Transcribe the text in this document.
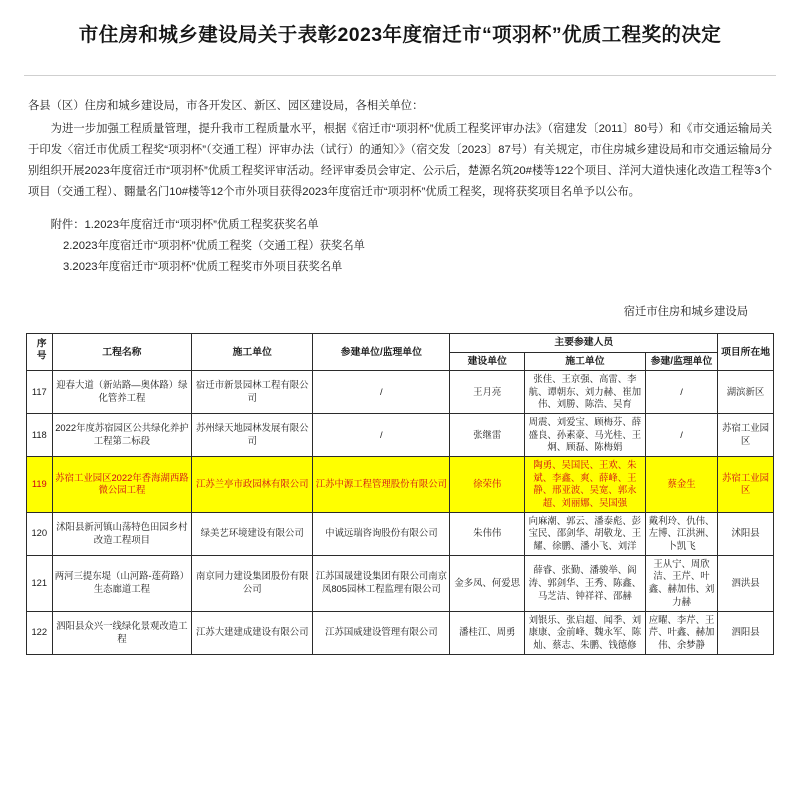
市住房和城乡建设局关于表彰2023年度宿迁市“项羽杯”优质工程奖的决定

各县（区）住房和城乡建设局，市各开发区、新区、园区建设局，各相关单位：

为进一步加强工程质量管理，提升我市工程质量水平，根据《宿迁市“项羽杯”优质工程奖评审办法》（宿建发〔2011〕80号）和《市交通运输局关于印发〈宿迁市优质工程奖“项羽杯”（交通工程）评审办法（试行）的通知〉》（宿交发〔2023〕87号）有关规定，市住房城乡建设局和市交通运输局分别组织开展2023年度宿迁市“项羽杯”优质工程奖评审活动。经评审委员会审定、公示后，楚源名筑20#楼等122个项目、洋河大道快速化改造工程等3个项目（交通工程）、翾量名门10#楼等12个市外项目获得2023年度宿迁市“项羽杯”优质工程奖，现将获奖项目名单予以公布。

附件：1.2023年度宿迁市“项羽杯”优质工程奖获奖名单

2.2023年度宿迁市“项羽杯”优质工程奖（交通工程）获奖名单

3.2023年度宿迁市“项羽杯”优质工程奖市外项目获奖名单

宿迁市住房和城乡建设局
序号	工程名称	施工单位	参建单位/监理单位	主要参建人员			项目所在地
				建设单位	施工单位	参建/监理单位	
117	迎春大道（新站路—奥体路）绿化管养工程	宿迁市新景园林工程有限公司	/	王月亮	张佳、王京强、高雷、李航、谭朝东、刘力赫、崔加伟、刘勝、陈浩、吴育	/	湖滨新区
118	2022年度苏宿园区公共绿化养护工程第二标段	苏州绿天地园林发展有限公司	/	张继雷	周震、刘爱宝、顾梅芬、薛盛良、孙素豪、马光桂、王炯、顾磊、陈梅娟	/	苏宿工业园区
119	苏宿工业园区2022年香海湖西路微公园工程	江苏兰亭市政园林有限公司	江苏中源工程管理股份有限公司	徐荣伟	陶勇、吴国民、王欢、朱斌、李鑫、爽、薛峰、王静、邢亚波、吴宽、郭永超、刘丽娜、吴国强	蔡金生	苏宿工业园区
120	沭阳县新河镇山荡特色田园乡村改造工程项目	绿美艺环境建设有限公司	中诚远瑞咨询股份有限公司	朱伟伟	向麻潮、郭云、潘泰彪、彭宝民、邵剑华、胡敬龙、王耀、徐鹏、潘小飞、刘洋	戴利玲、仇伟、左博、江洪洲、卜凯飞	沭阳县
121	两河三提东堤（山河路-莲荷路）生态廊道工程	南京同力建设集团股份有限公司	江苏国晟建设集团有限公司南京凤805园林工程监理有限公司	金多凤、何爱思	薛睿、张勤、潘骏举、阎涛、郭剑华、王秀、陈鑫、马芝洁、钟祥祥、邵赫	王从宁、周欣洁、王芹、叶鑫、赫加伟、刘力赫	泗洪县
122	泗阳县众兴一线绿化景观改造工程	江苏大建建成建设有限公司	江苏国威建设管理有限公司	潘桂江、周勇	刘银乐、张启超、闻季、刘康康、金前峰、魏永军、陈灿、蔡志、朱鹏、钱德修	应曜、李芹、王芹、叶鑫、赫加伟、余梦静	泗阳县
